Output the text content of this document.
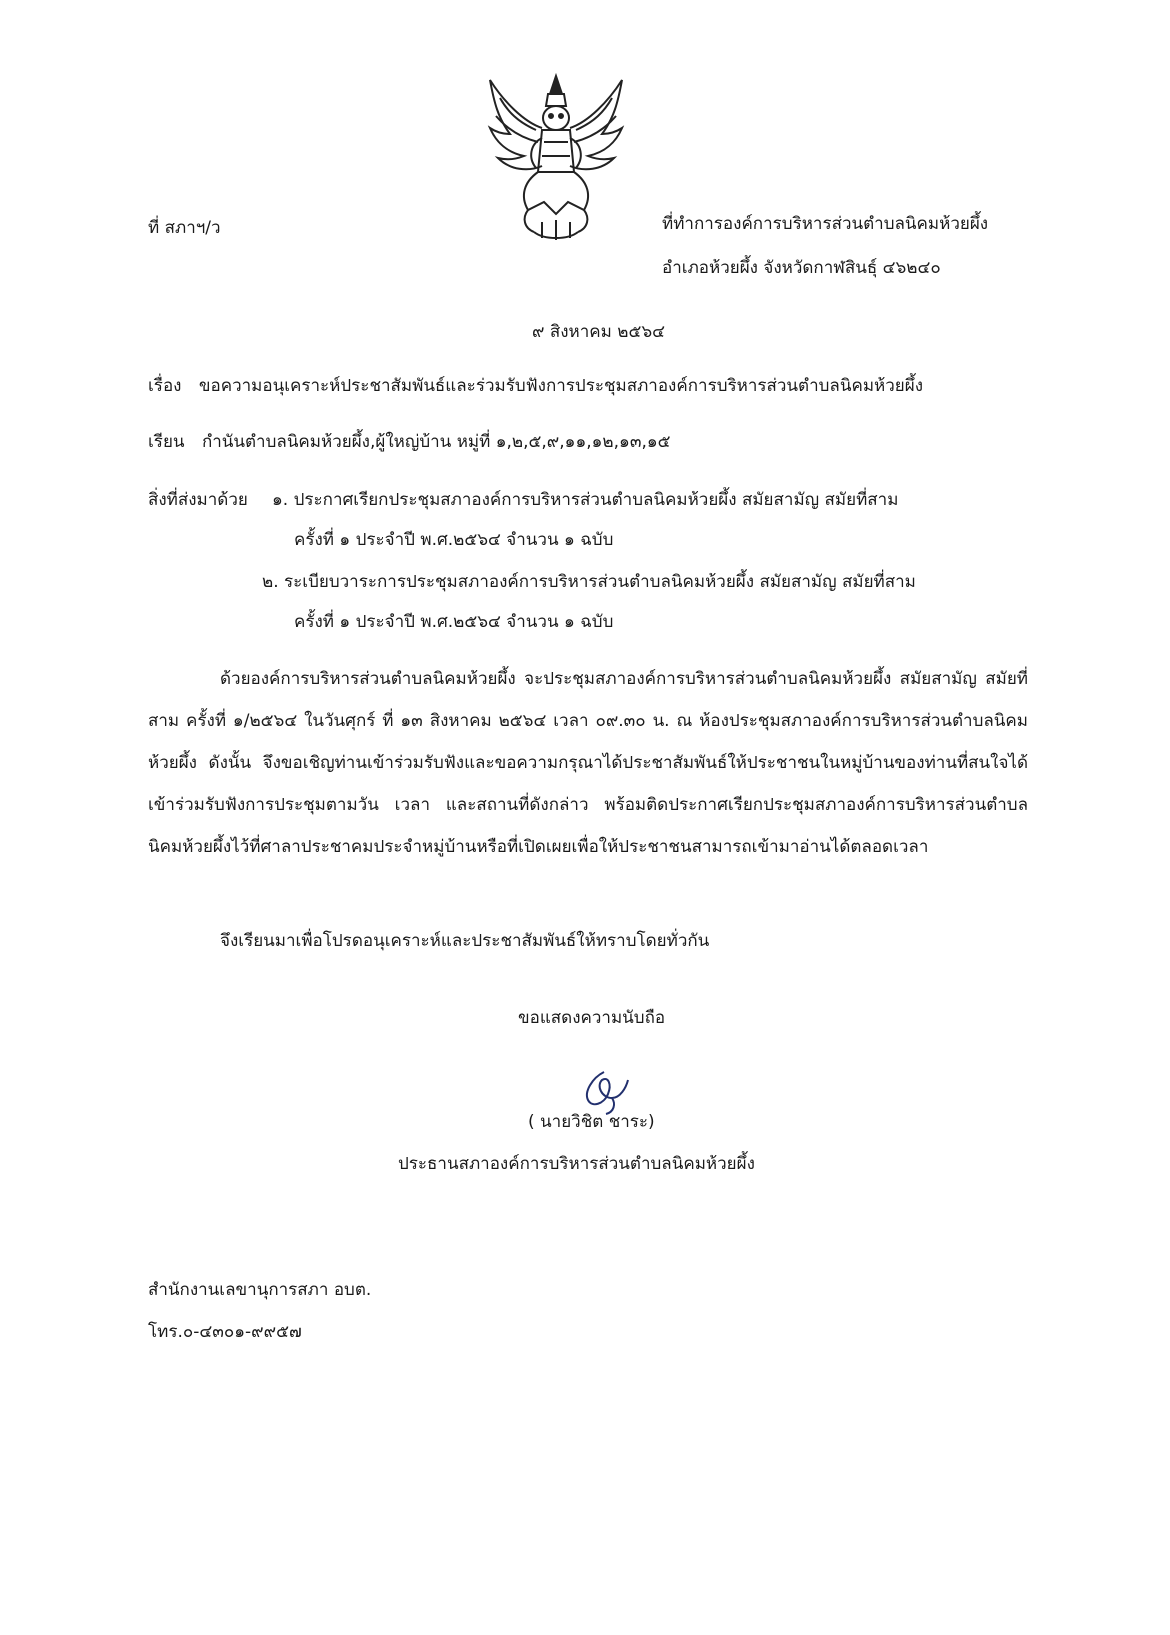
ที่ สภาฯ/ว	ที่ทำการองค์การบริหารส่วนตำบลนิคมห้วยผึ้ง
อำเภอห้วยผึ้ง จังหวัดกาฬสินธุ์ ๔๖๒๔๐
๙ สิงหาคม ๒๕๖๔
เรื่อง ขอความอนุเคราะห์ประชาสัมพันธ์และร่วมรับฟังการประชุมสภาองค์การบริหารส่วนตำบลนิคมห้วยผึ้ง
เรียน กำนันตำบลนิคมห้วยผึ้ง,ผู้ใหญ่บ้าน หมู่ที่ ๑,๒,๕,๙,๑๑,๑๒,๑๓,๑๕
สิ่งที่ส่งมาด้วย ๑. ประกาศเรียกประชุมสภาองค์การบริหารส่วนตำบลนิคมห้วยผึ้ง สมัยสามัญ สมัยที่สาม
ครั้งที่ ๑ ประจำปี พ.ศ.๒๕๖๔ จำนวน ๑ ฉบับ
๒. ระเบียบวาระการประชุมสภาองค์การบริหารส่วนตำบลนิคมห้วยผึ้ง สมัยสามัญ สมัยที่สาม
ครั้งที่ ๑ ประจำปี พ.ศ.๒๕๖๔ จำนวน ๑ ฉบับ
ด้วยองค์การบริหารส่วนตำบลนิคมห้วยผึ้ง จะประชุมสภาองค์การบริหารส่วนตำบลนิคมห้วยผึ้ง สมัยสามัญ สมัยที่สาม ครั้งที่ ๑/๒๕๖๔ ในวันศุกร์ ที่ ๑๓ สิงหาคม ๒๕๖๔ เวลา ๐๙.๓๐ น. ณ ห้องประชุมสภาองค์การบริหารส่วนตำบลนิคมห้วยผึ้ง ดังนั้น จึงขอเชิญท่านเข้าร่วมรับฟังและขอความกรุณาได้ประชาสัมพันธ์ให้ประชาชนในหมู่บ้านของท่านที่สนใจได้เข้าร่วมรับฟังการประชุมตามวัน เวลา และสถานที่ดังกล่าว พร้อมติดประกาศเรียกประชุมสภาองค์การบริหารส่วนตำบลนิคมห้วยผึ้งไว้ที่ศาลาประชาคมประจำหมู่บ้านหรือที่เปิดเผยเพื่อให้ประชาชนสามารถเข้ามาอ่านได้ตลอดเวลา
จึงเรียนมาเพื่อโปรดอนุเคราะห์และประชาสัมพันธ์ให้ทราบโดยทั่วกัน
ขอแสดงความนับถือ
( นายวิชิต ชาระ)
ประธานสภาองค์การบริหารส่วนตำบลนิคมห้วยผึ้ง
สำนักงานเลขานุการสภา อบต.
โทร.๐-๔๓๐๑-๙๙๕๗
